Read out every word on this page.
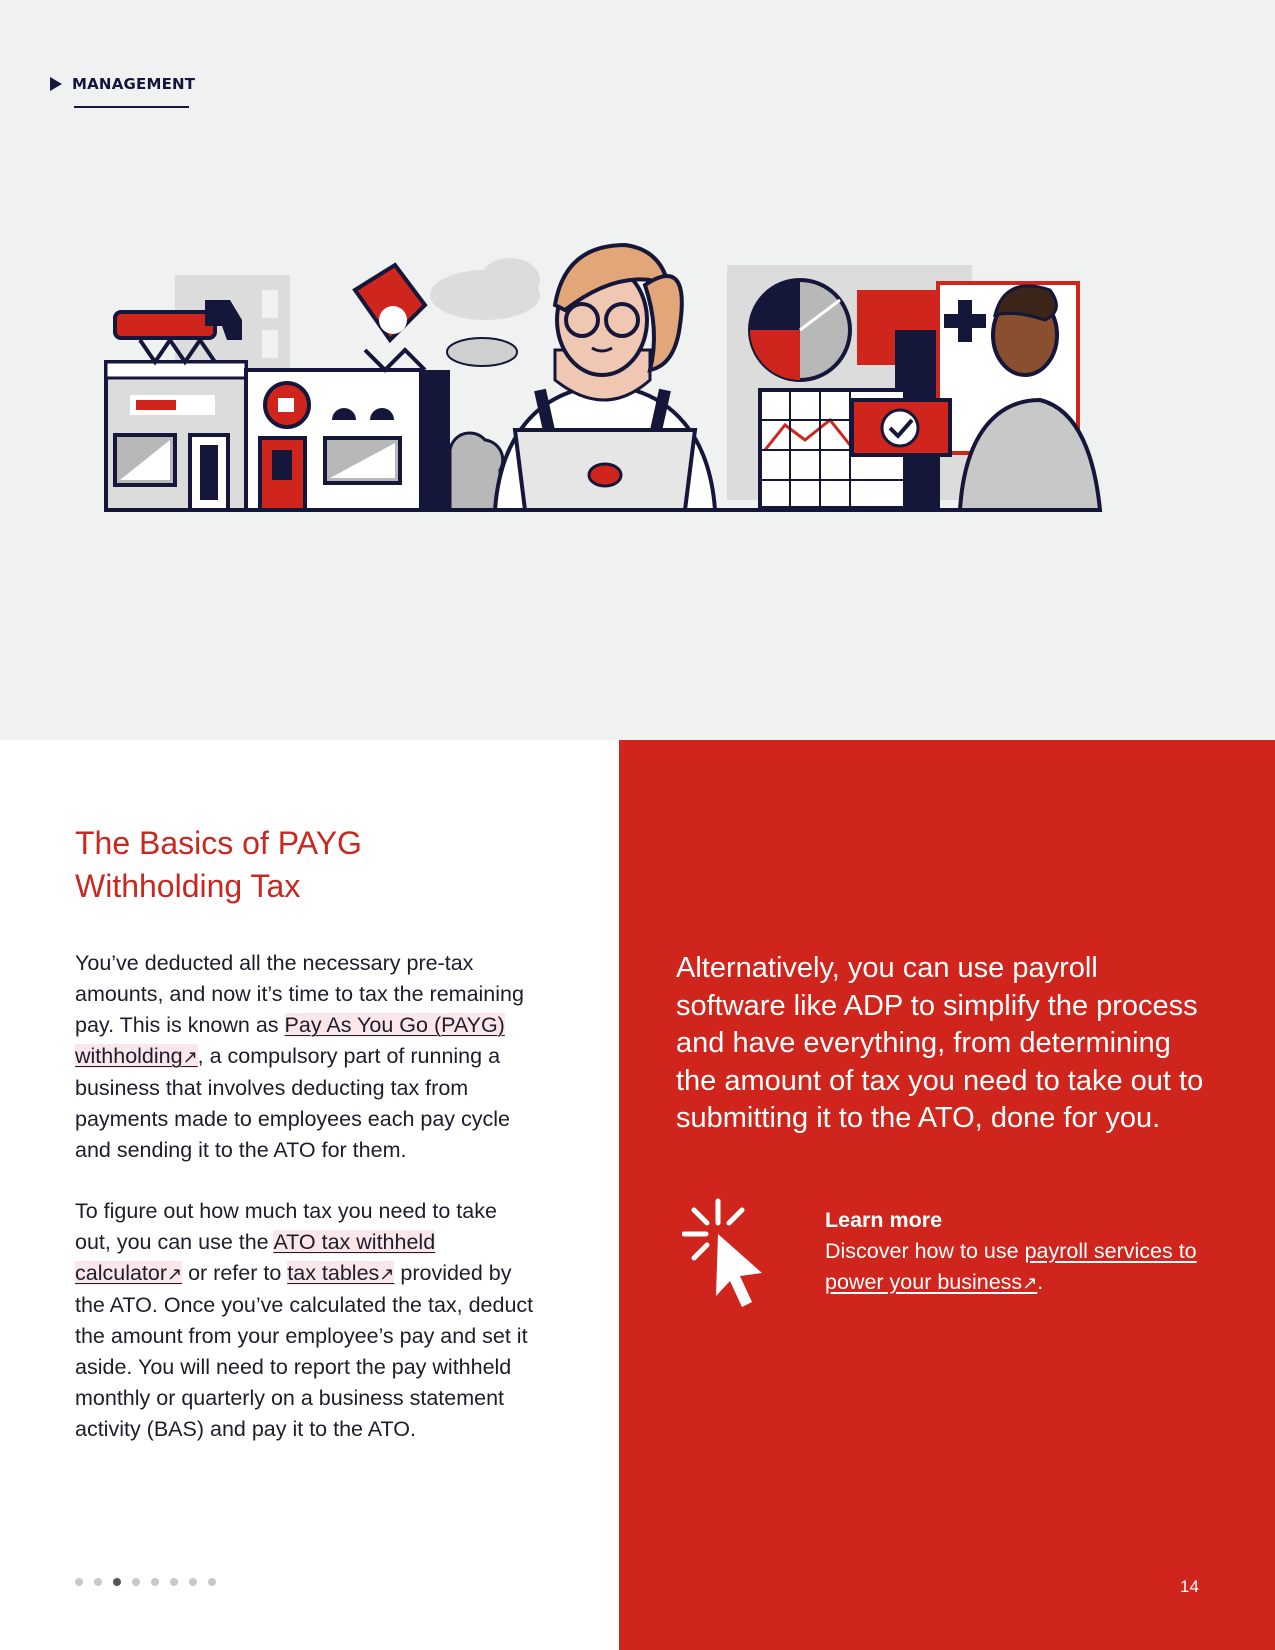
MANAGEMENT
The Basics of PAYG
Withholding Tax

You’ve deducted all the necessary pre-tax amounts, and now it’s time to tax the remaining pay. This is known as Pay As You Go (PAYG) withholding↗, a compulsory part of running a business that involves deducting tax from payments made to employees each pay cycle and sending it to the ATO for them.

To figure out how much tax you need to take out, you can use the ATO tax withheld calculator↗ or refer to tax tables↗ provided by the ATO. Once you’ve calculated the tax, deduct the amount from your employee’s pay and set it aside. You will need to report the pay withheld monthly or quarterly on a business statement activity (BAS) and pay it to the ATO.

Alternatively, you can use payroll software like ADP to simplify the process and have everything, from determining the amount of tax you need to take out to submitting it to the ATO, done for you.

Learn more
Discover how to use payroll services to power your business↗.
14
